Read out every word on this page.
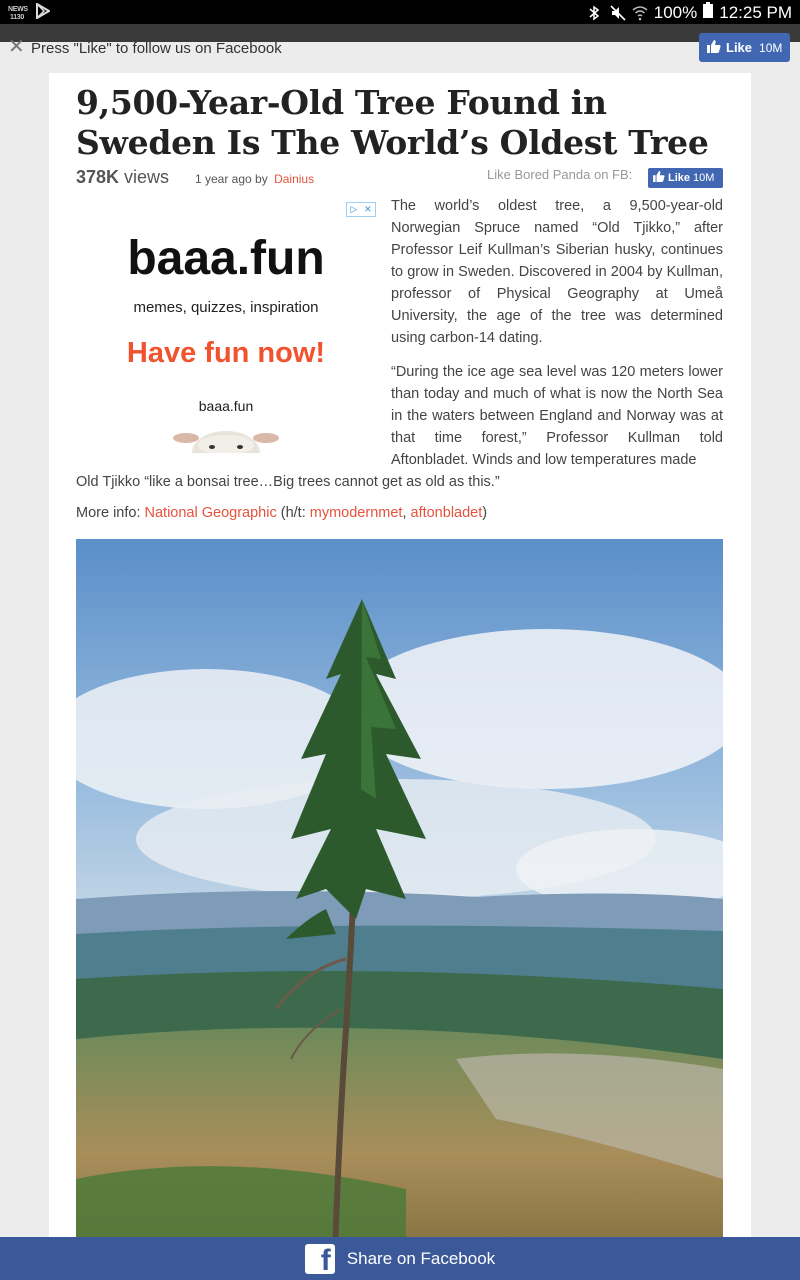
NEWS 1130	100% 12:25 PM
✕ Press "Like" to follow us on Facebook	Like 10M
9,500-Year-Old Tree Found in Sweden Is The World’s Oldest Tree
378K views 1 year ago by Dainius	Like Bored Panda on FB:	Like 10M
▷ ✕
baaa.fun
memes, quizzes, inspiration
Have fun now!
baaa.fun

The world’s oldest tree, a 9,500-year-old Norwegian Spruce named “Old Tjikko,” after Professor Leif Kullman’s Siberian husky, continues to grow in Sweden. Discovered in 2004 by Kullman, professor of Physical Geography at Umeå University, the age of the tree was determined using carbon-14 dating.

“During the ice age sea level was 120 meters lower than today and much of what is now the North Sea in the waters between England and Norway was at that time forest,” Professor Kullman told Aftonbladet. Winds and low temperatures made

Old Tjikko “like a bonsai tree…Big trees cannot get as old as this.”

More info: National Geographic (h/t: mymodernmet, aftonbladet)
f Share on Facebook
